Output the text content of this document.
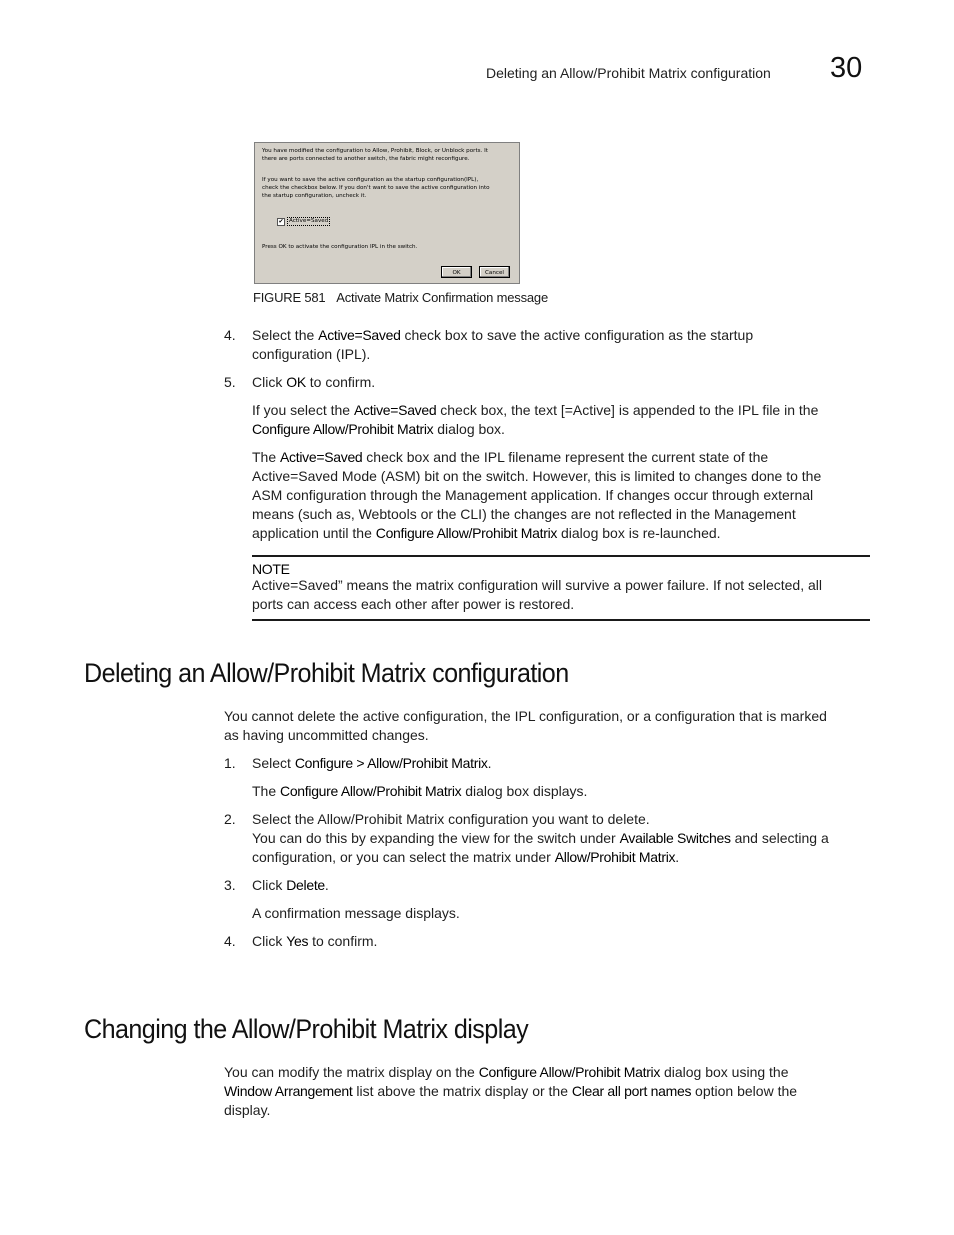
Deleting an Allow/Prohibit Matrix configuration 30
You have modified the configuration to Allow, Prohibit, Block, or Unblock ports. It
there are ports connected to another switch, the fabric might reconfigure.
If you want to save the active configuration as the startup configuration(IPL),
check the checkbox below. If you don't want to save the active configuration into
the startup configuration, uncheck it.
✔ Active=Saved
Press OK to activate the configuration IPL in the switch.
OK	Cancel
FIGURE 581 Activate Matrix Confirmation message
4. Select the Active=Saved check box to save the active configuration as the startup
configuration (IPL).

5. Click OK to confirm.

If you select the Active=Saved check box, the text [=Active] is appended to the IPL file in the
Configure Allow/Prohibit Matrix dialog box.

The Active=Saved check box and the IPL filename represent the current state of the
Active=Saved Mode (ASM) bit on the switch. However, this is limited to changes done to the
ASM configuration through the Management application. If changes occur through external
means (such as, Webtools or the CLI) the changes are not reflected in the Management
application until the Configure Allow/Prohibit Matrix dialog box is re-launched.

NOTE

Active=Saved” means the matrix configuration will survive a power failure. If not selected, all
ports can access each other after power is restored.

Deleting an Allow/Prohibit Matrix configuration

You cannot delete the active configuration, the IPL configuration, or a configuration that is marked
as having uncommitted changes.

1. Select Configure > Allow/Prohibit Matrix.

The Configure Allow/Prohibit Matrix dialog box displays.

2. Select the Allow/Prohibit Matrix configuration you want to delete.
You can do this by expanding the view for the switch under Available Switches and selecting a
configuration, or you can select the matrix under Allow/Prohibit Matrix.

3. Click Delete.

A confirmation message displays.

4. Click Yes to confirm.

Changing the Allow/Prohibit Matrix display

You can modify the matrix display on the Configure Allow/Prohibit Matrix dialog box using the
Window Arrangement list above the matrix display or the Clear all port names option below the
display.
